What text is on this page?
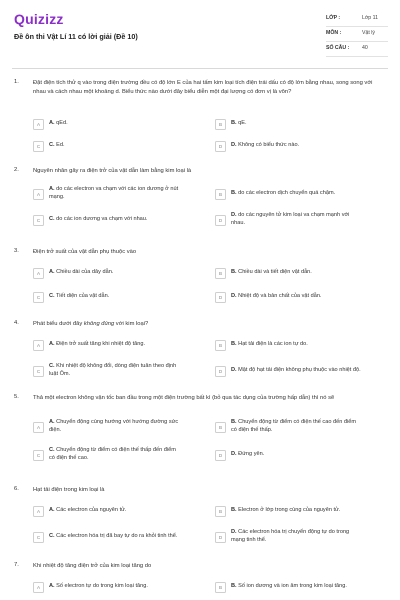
Quizizz
Đề ôn thi Vật Lí 11 có lời giải (Đề 10)
LỚP :	Lớp 11
MÔN :	Vật lý
SỐ CÂU : 40
1. Đặt điện tích thử q vào trong điện trường đều có độ lớn E của hai tấm kim loại tích điện trái dấu có độ lớn bằng nhau, song song với nhau và cách nhau một khoảng d. Biểu thức nào dưới đây biểu diễn một đại lượng có đơn vị là vôn?
A	A. qEd.	B	B. qE.
C	C. Ed.	D	D. Không có biểu thức nào.
2. Nguyên nhân gây ra điện trở của vật dẫn làm bằng kim loại là
A
A. do các electron va chạm với các ion dương ở nút mạng.	B	B. do các electron dịch chuyển quá chậm.
C	C. do các ion dương va chạm với nhau.	D
D. do các nguyên tử kim loại va chạm mạnh với nhau.
3. Điện trở suất của vật dẫn phụ thuộc vào
A	A. Chiều dài của dây dẫn.	B	B. Chiều dài và tiết diện vật dẫn.
C	C. Tiết diện của vật dẫn.	D	D. Nhiệt độ và bản chất của vật dẫn.
4. Phát biểu dưới đây không đúng với kim loại?
A	A. Điện trở suất tăng khi nhiệt độ tăng.	B	B. Hạt tải điện là các ion tự do.
C
C. Khi nhiệt độ không đổi, dòng điện tuân theo định luật Ôm.	D	D. Mật độ hạt tải điện không phụ thuộc vào nhiệt độ.
5. Thả một electron không vận tốc ban đầu trong một điện trường bất kì (bỏ qua tác dụng của trường hấp dẫn) thì nó sẽ
A
A. Chuyển động cùng hướng với hướng đường sức điện.	B
B. Chuyển động từ điểm có điện thế cao đến điểm có điện thế thấp.
C
C. Chuyển động từ điểm có điện thế thấp đến điểm có điện thế cao.	D	D. Đứng yên.
6. Hạt tải điện trong kim loại là
A	A. Các electron của nguyên tử.	B	B. Electron ở lớp trong cùng của nguyên tử.
C	C. Các electron hóa trị đã bay tự do ra khỏi tinh thể.	D
D. Các electron hóa trị chuyển động tự do trong mạng tinh thể.
7. Khi nhiệt độ tăng điện trở của kim loại tăng do
A	A. Số electron tự do trong kim loại tăng.	B	B. Số ion dương và ion âm trong kim loại tăng.
